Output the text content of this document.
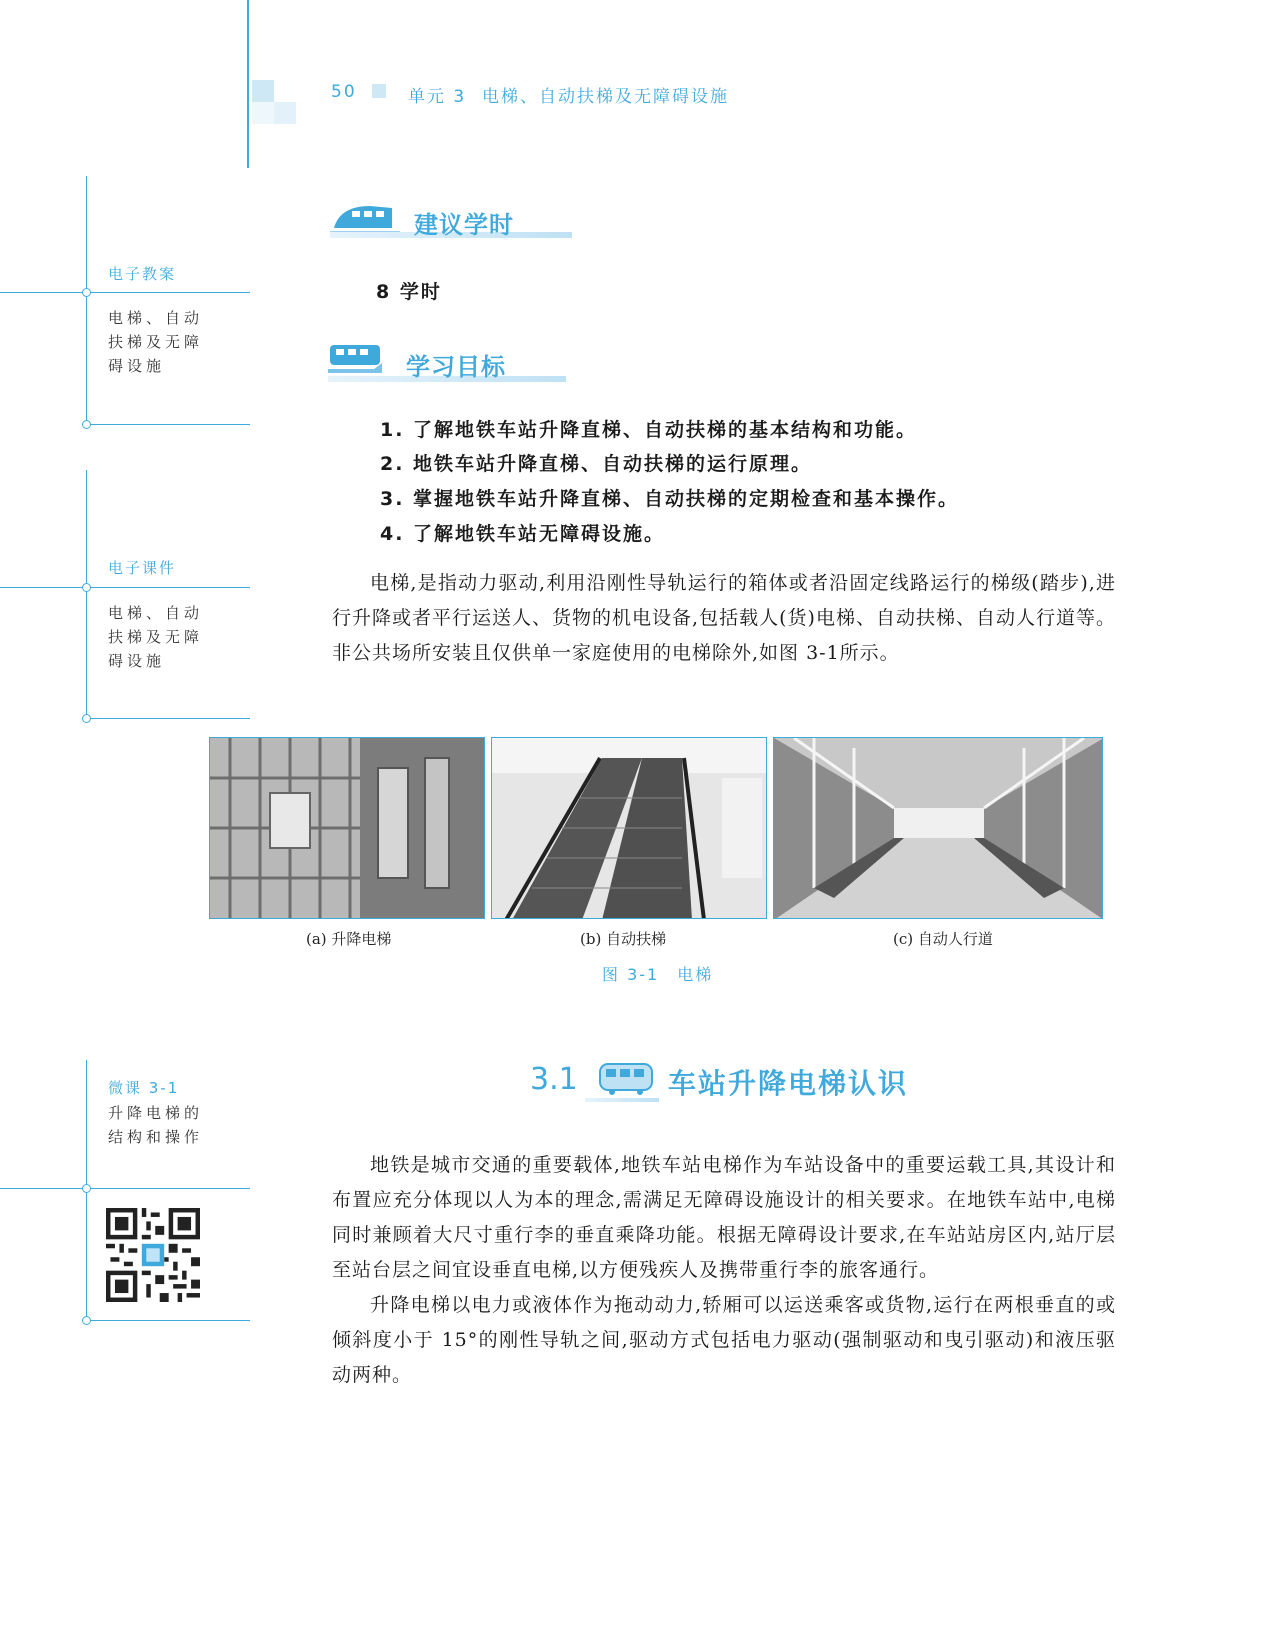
50	单元 3 电梯、自动扶梯及无障碍设施
电子教案
电梯、自动
扶梯及无障
碍设施
电子课件
电梯、自动
扶梯及无障
碍设施
微课 3-1
升降电梯的
结构和操作
建议学时
8 学时
学习目标
1. 了解地铁车站升降直梯、自动扶梯的基本结构和功能。
2. 地铁车站升降直梯、自动扶梯的运行原理。
3. 掌握地铁车站升降直梯、自动扶梯的定期检查和基本操作。
4. 了解地铁车站无障碍设施。

电梯,是指动力驱动,利用沿刚性导轨运行的箱体或者沿固定线路运行的梯级(踏步),进行升降或者平行运送人、货物的机电设备,包括载人(货)电梯、自动扶梯、自动人行道等。非公共场所安装且仅供单一家庭使用的电梯除外,如图 3-1所示。

(a) 升降电梯	(b) 自动扶梯	(c) 自动人行道
图 3-1　电梯
3.1	车站升降电梯认识

地铁是城市交通的重要载体,地铁车站电梯作为车站设备中的重要运载工具,其设计和布置应充分体现以人为本的理念,需满足无障碍设施设计的相关要求。在地铁车站中,电梯同时兼顾着大尺寸重行李的垂直乘降功能。根据无障碍设计要求,在车站站房区内,站厅层至站台层之间宜设垂直电梯,以方便残疾人及携带重行李的旅客通行。

升降电梯以电力或液体作为拖动动力,轿厢可以运送乘客或货物,运行在两根垂直的或倾斜度小于 15°的刚性导轨之间,驱动方式包括电力驱动(强制驱动和曳引驱动)和液压驱动两种。
